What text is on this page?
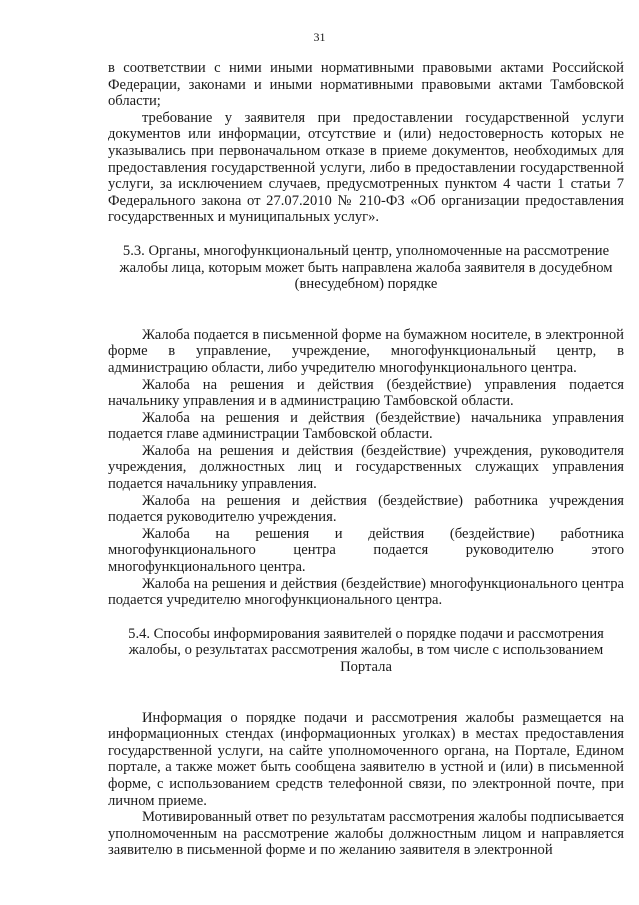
31

в соответствии с ними иными нормативными правовыми актами Российской Федерации, законами и иными нормативными правовыми актами Тамбовской области;

требование у заявителя при предоставлении государственной услуги документов или информации, отсутствие и (или) недостоверность которых не указывались при первоначальном отказе в приеме документов, необходимых для предоставления государственной услуги, либо в предоставлении государственной услуги, за исключением случаев, предусмотренных пунктом 4 части 1 статьи 7 Федерального закона от 27.07.2010 № 210-ФЗ «Об организации предоставления государственных и муниципальных услуг».

5.3. Органы, многофункциональный центр, уполномоченные на рассмотрение жалобы лица, которым может быть направлена жалоба заявителя в досудебном (внесудебном) порядке

Жалоба подается в письменной форме на бумажном носителе, в электронной форме в управление, учреждение, многофункциональный центр, в администрацию области, либо учредителю многофункционального центра.

Жалоба на решения и действия (бездействие) управления подается начальнику управления и в администрацию Тамбовской области.

Жалоба на решения и действия (бездействие) начальника управления подается главе администрации Тамбовской области.

Жалоба на решения и действия (бездействие) учреждения, руководителя учреждения, должностных лиц и государственных служащих управления подается начальнику управления.

Жалоба на решения и действия (бездействие) работника учреждения подается руководителю учреждения.

Жалоба на решения и действия (бездействие) работника многофункционального центра подается руководителю этого многофункционального центра.

Жалоба на решения и действия (бездействие) многофункционального центра подается учредителю многофункционального центра.

5.4. Способы информирования заявителей о порядке подачи и рассмотрения жалобы, о результатах рассмотрения жалобы, в том числе с использованием Портала

Информация о порядке подачи и рассмотрения жалобы размещается на информационных стендах (информационных уголках) в местах предоставления государственной услуги, на сайте уполномоченного органа, на Портале, Едином портале, а также может быть сообщена заявителю в устной и (или) в письменной форме, с использованием средств телефонной связи, по электронной почте, при личном приеме.

Мотивированный ответ по результатам рассмотрения жалобы подписывается уполномоченным на рассмотрение жалобы должностным лицом и направляется заявителю в письменной форме и по желанию заявителя в электронной
